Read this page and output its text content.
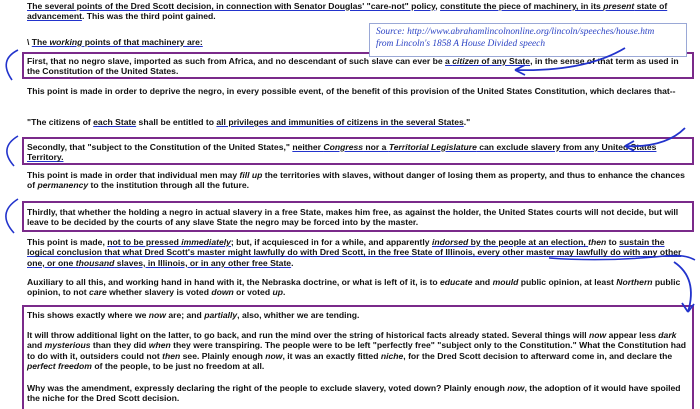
The several points of the Dred Scott decision, in connection with Senator Douglas' "care-not" policy, constitute the piece of machinery, in its present state of advancement. This was the third point gained.

\ The working points of that machinery are:

Source: http://www.abrahamlincolnonline.org/lincoln/speeches/house.htm
from Lincoln's 1858 A House Divided speech

First, that no negro slave, imported as such from Africa, and no descendant of such slave can ever be a citizen of any State, in the sense of that term as used in the Constitution of the United States.

This point is made in order to deprive the negro, in every possible event, of the benefit of this provision of the United States Constitution, which declares that--

"The citizens of each State shall be entitled to all privileges and immunities of citizens in the several States."

Secondly, that "subject to the Constitution of the United States," neither Congress nor a Territorial Legislature can exclude slavery from any United States Territory.

This point is made in order that individual men may fill up the territories with slaves, without danger of losing them as property, and thus to enhance the chances of permanency to the institution through all the future.

Thirdly, that whether the holding a negro in actual slavery in a free State, makes him free, as against the holder, the United States courts will not decide, but will leave to be decided by the courts of any slave State the negro may be forced into by the master.

This point is made, not to be pressed immediately; but, if acquiesced in for a while, and apparently indorsed by the people at an election, then to sustain the logical conclusion that what Dred Scott's master might lawfully do with Dred Scott, in the free State of Illinois, every other master may lawfully do with any other one, or one thousand slaves, in Illinois, or in any other free State.

Auxiliary to all this, and working hand in hand with it, the Nebraska doctrine, or what is left of it, is to educate and mould public opinion, at least Northern public opinion, to not care whether slavery is voted down or voted up.

This shows exactly where we now are; and partially, also, whither we are tending.

It will throw additional light on the latter, to go back, and run the mind over the string of historical facts already stated. Several things will now appear less dark and mysterious than they did when they were transpiring. The people were to be left "perfectly free" "subject only to the Constitution." What the Constitution had to do with it, outsiders could not then see. Plainly enough now, it was an exactly fitted niche, for the Dred Scott decision to afterward come in, and declare the perfect freedom of the people, to be just no freedom at all.

Why was the amendment, expressly declaring the right of the people to exclude slavery, voted down? Plainly enough now, the adoption of it would have spoiled the niche for the Dred Scott decision.
